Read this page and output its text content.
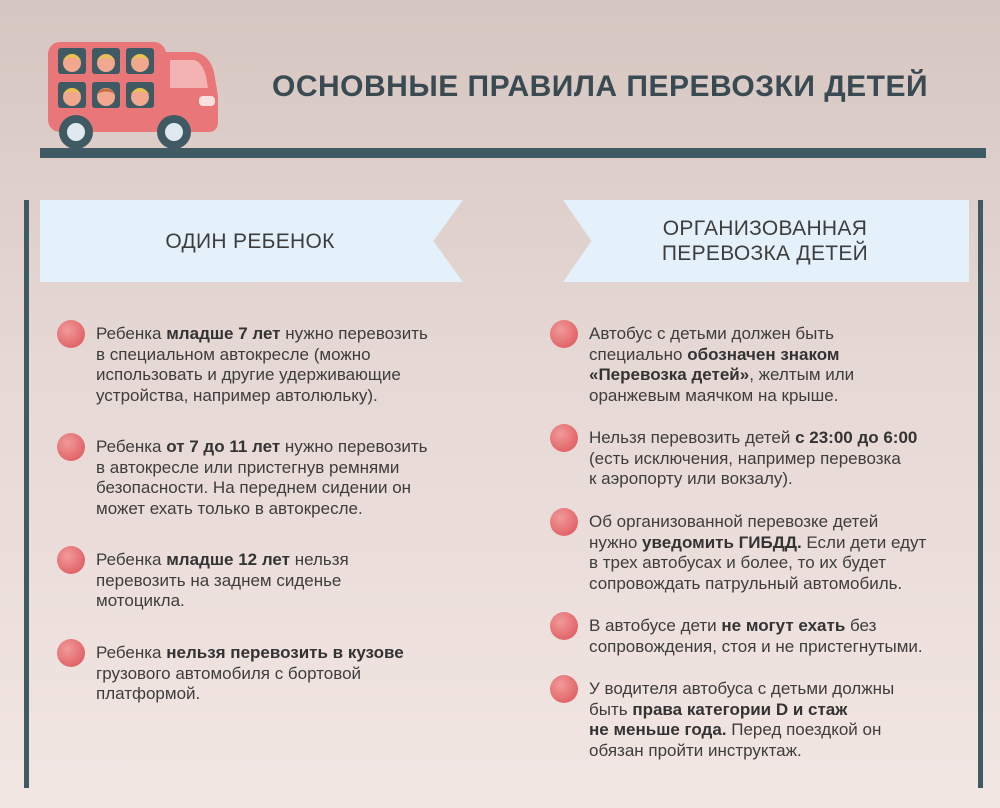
ОСНОВНЫЕ ПРАВИЛА ПЕРЕВОЗКИ ДЕТЕЙ
ОДИН РЕБЕНОК
ОРГАНИЗОВАННАЯ
ПЕРЕВОЗКА ДЕТЕЙ
Ребенка младше 7 лет нужно перевозить
в специальном автокресле (можно
использовать и другие удерживающие
устройства, например автолюльку).
Ребенка от 7 до 11 лет нужно перевозить
в автокресле или пристегнув ремнями
безопасности. На переднем сидении он
может ехать только в автокресле.
Ребенка младше 12 лет нельзя
перевозить на заднем сиденье
мотоцикла.
Ребенка нельзя перевозить в кузове
грузового автомобиля с бортовой
платформой.
Автобус с детьми должен быть
специально обозначен знаком
«Перевозка детей», желтым или
оранжевым маячком на крыше.
Нельзя перевозить детей с 23:00 до 6:00
(есть исключения, например перевозка
к аэропорту или вокзалу).
Об организованной перевозке детей
нужно уведомить ГИБДД. Если дети едут
в трех автобусах и более, то их будет
сопровождать патрульный автомобиль.
В автобусе дети не могут ехать без
сопровождения, стоя и не пристегнутыми.
У водителя автобуса с детьми должны
быть права категории D и стаж
не меньше года. Перед поездкой он
обязан пройти инструктаж.
